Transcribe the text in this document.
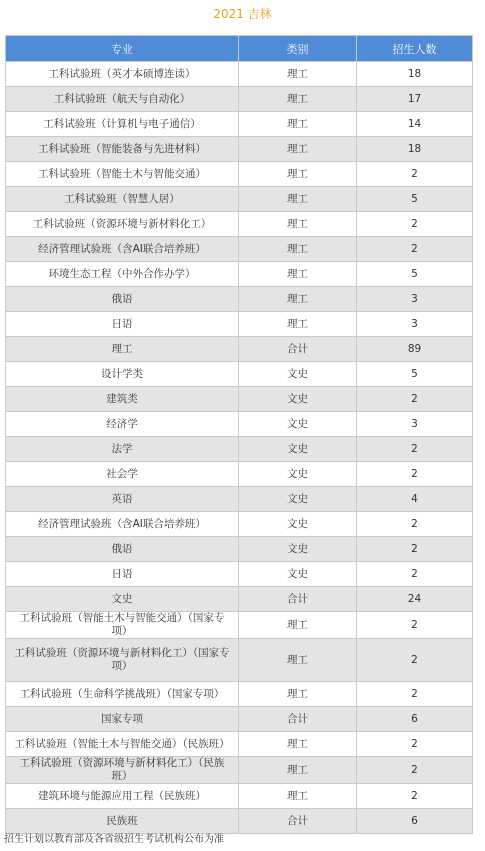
2021 吉林
专业	类别	招生人数
工科试验班（英才本硕博连读）	理工	18
工科试验班（航天与自动化）	理工	17
工科试验班（计算机与电子通信）	理工	14
工科试验班（智能装备与先进材料）	理工	18
工科试验班（智能土木与智能交通）	理工	2
工科试验班（智慧人居）	理工	5
工科试验班（资源环境与新材料化工）	理工	2
经济管理试验班（含AI联合培养班）	理工	2
环境生态工程（中外合作办学）	理工	5
俄语	理工	3
日语	理工	3
理工	合计	89
设计学类	文史	5
建筑类	文史	2
经济学	文史	3
法学	文史	2
社会学	文史	2
英语	文史	4
经济管理试验班（含AI联合培养班）	文史	2
俄语	文史	2
日语	文史	2
文史	合计	24
工科试验班（智能土木与智能交通）（国家专项）	理工	2
工科试验班（资源环境与新材料化工）（国家专项）	理工	2
工科试验班（生命科学挑战班）（国家专项）	理工	2
国家专项	合计	6
工科试验班（智能土木与智能交通）（民族班）	理工	2
工科试验班（资源环境与新材料化工）（民族班）	理工	2
建筑环境与能源应用工程（民族班）	理工	2
民族班	合计	6
招生计划以教育部及各省级招生考试机构公布为准
